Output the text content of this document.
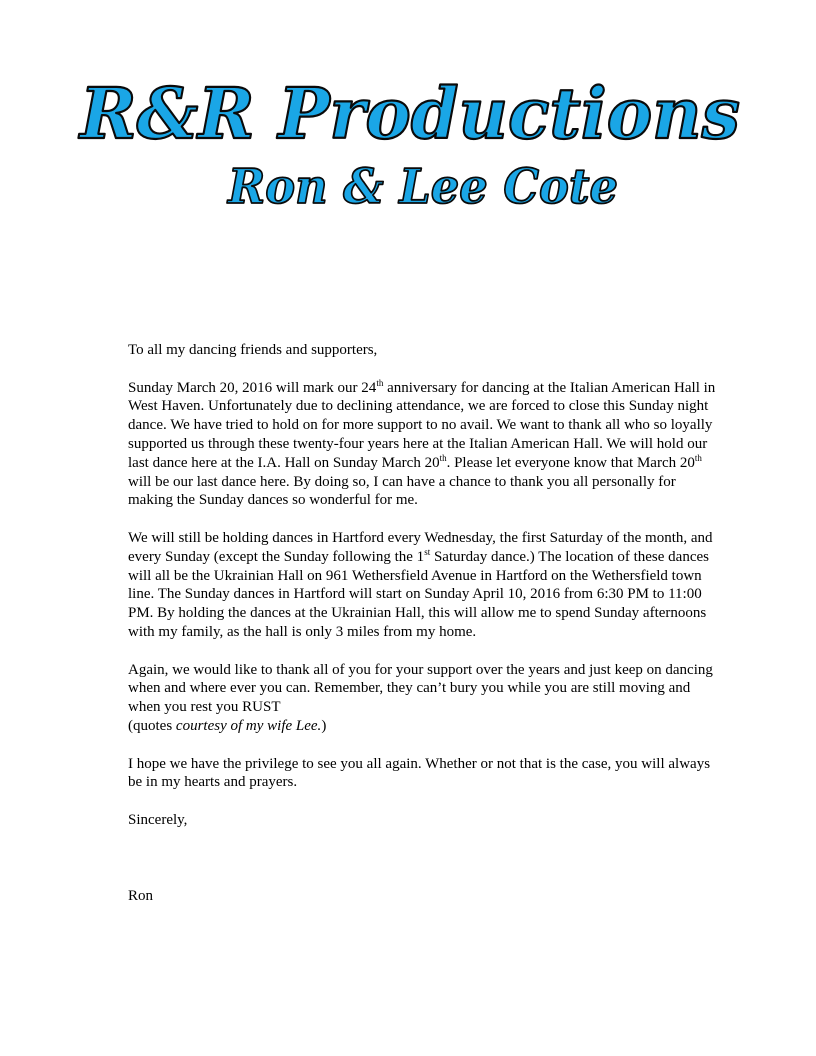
R&R Productions
Ron & Lee Cote

To all my dancing friends and supporters,

Sunday March 20, 2016 will mark our 24th anniversary for dancing at the Italian American Hall in West Haven. Unfortunately due to declining attendance, we are forced to close this Sunday night dance. We have tried to hold on for more support to no avail. We want to thank all who so loyally supported us through these twenty-four years here at the Italian American Hall. We will hold our last dance here at the I.A. Hall on Sunday March 20th. Please let everyone know that March 20th will be our last dance here. By doing so, I can have a chance to thank you all personally for making the Sunday dances so wonderful for me.

We will still be holding dances in Hartford every Wednesday, the first Saturday of the month, and every Sunday (except the Sunday following the 1st Saturday dance.) The location of these dances will all be the Ukrainian Hall on 961 Wethersfield Avenue in Hartford on the Wethersfield town line. The Sunday dances in Hartford will start on Sunday April 10, 2016 from 6:30 PM to 11:00 PM. By holding the dances at the Ukrainian Hall, this will allow me to spend Sunday afternoons with my family, as the hall is only 3 miles from my home.

Again, we would like to thank all of you for your support over the years and just keep on dancing when and where ever you can. Remember, they can’t bury you while you are still moving and when you rest you RUST
(quotes courtesy of my wife Lee.)

I hope we have the privilege to see you all again. Whether or not that is the case, you will always be in my hearts and prayers.

Sincerely,

Ron
